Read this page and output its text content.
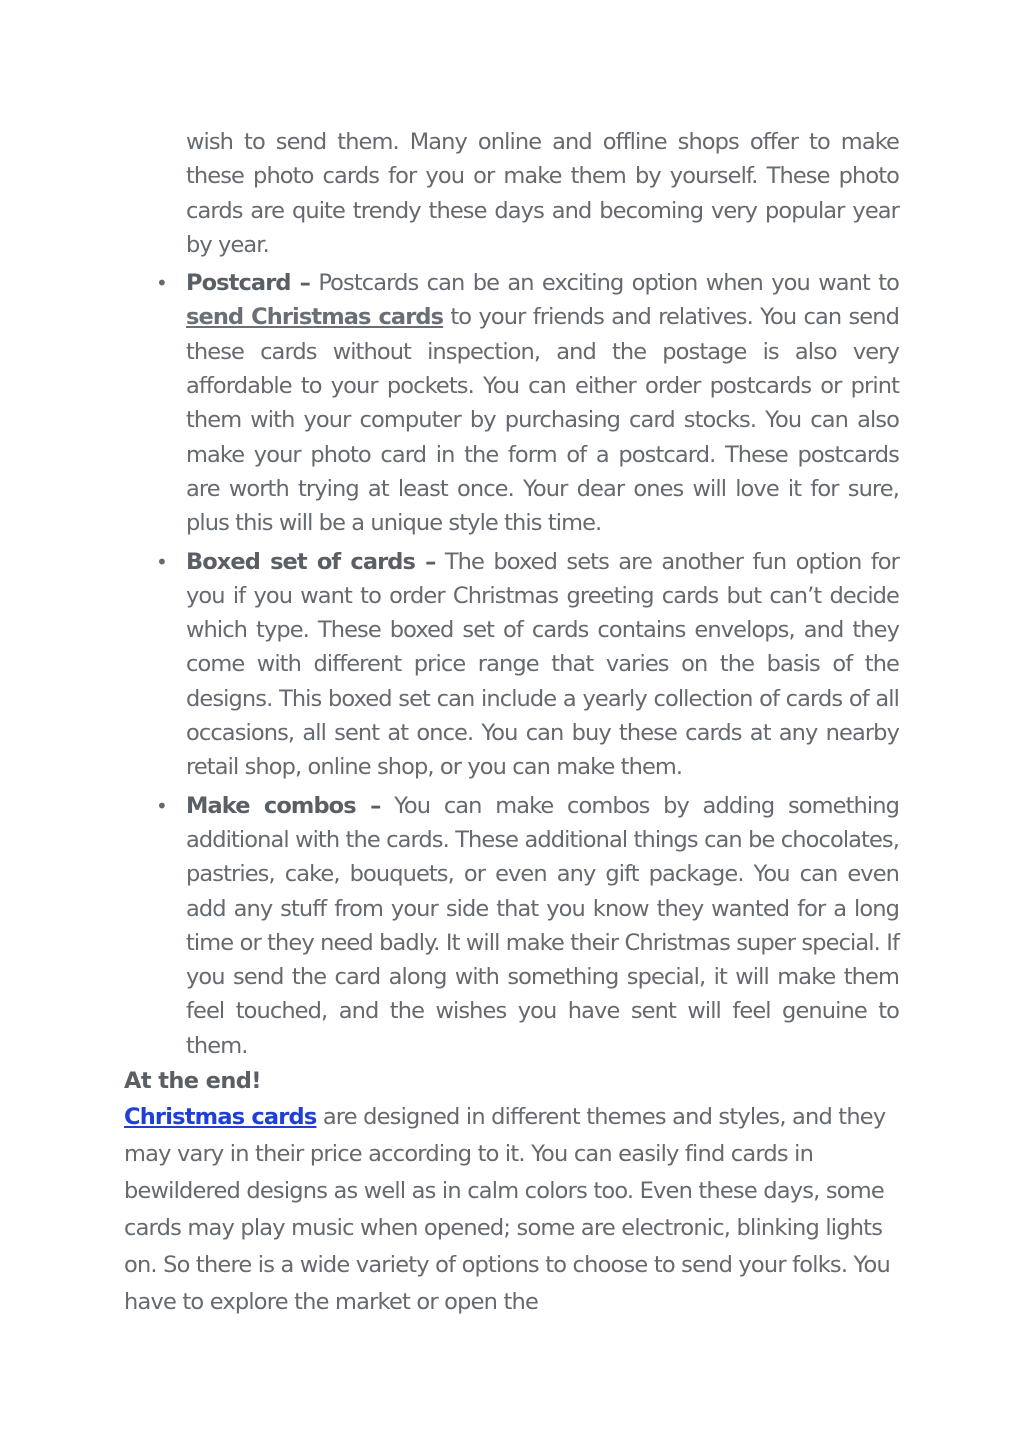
wish to send them. Many online and offline shops offer to make these photo cards for you or make them by yourself. These photo cards are quite trendy these days and becoming very popular year by year.

• Postcard – Postcards can be an exciting option when you want to send Christmas cards to your friends and relatives. You can send these cards without inspection, and the postage is also very affordable to your pockets. You can either order postcards or print them with your computer by purchasing card stocks. You can also make your photo card in the form of a postcard. These postcards are worth trying at least once. Your dear ones will love it for sure, plus this will be a unique style this time.

• Boxed set of cards – The boxed sets are another fun option for you if you want to order Christmas greeting cards but can’t decide which type. These boxed set of cards contains envelops, and they come with different price range that varies on the basis of the designs. This boxed set can include a yearly collection of cards of all occasions, all sent at once. You can buy these cards at any nearby retail shop, online shop, or you can make them.

• Make combos – You can make combos by adding something additional with the cards. These additional things can be chocolates, pastries, cake, bouquets, or even any gift package. You can even add any stuff from your side that you know they wanted for a long time or they need badly. It will make their Christmas super special. If you send the card along with something special, it will make them feel touched, and the wishes you have sent will feel genuine to them.

At the end!

Christmas cards are designed in different themes and styles, and they may vary in their price according to it. You can easily find cards in bewildered designs as well as in calm colors too. Even these days, some cards may play music when opened; some are electronic, blinking lights on. So there is a wide variety of options to choose to send your folks. You have to explore the market or open the
